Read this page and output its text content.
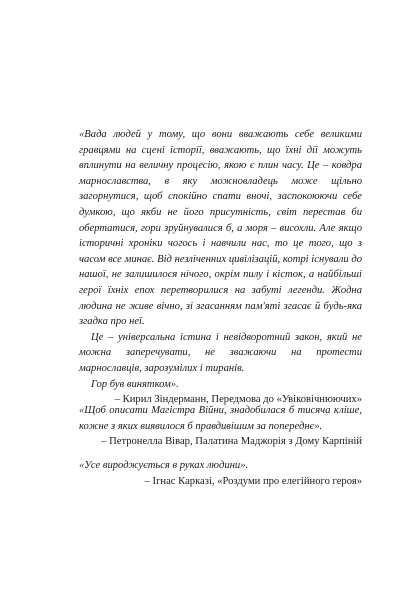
«Вада людей у тому, що вони вважають себе великими гравцями на сцені історії, вважають, що їхні дії можуть вплинути на величну процесію, якою є плин часу. Це – ковдра марнославства, в яку можновладець може щільно загорнутися, щоб спокійно спати вночі, заспокоюючи себе думкою, що якби не його присутність, світ перестав би обертатися, гори зруйнувалися б, а моря – висохли. Але якщо історичні хроніки чогось і навчили нас, то це того, що з часом все минає. Від незліченних цивілізацій, котрі існували до нашої, не залишилося нічого, окрім пилу і кісток, а найбільші герої їхніх епох перетворилися на забуті легенди. Жодна людина не живе вічно, зі згасанням пам'яті згасає й будь-яка згадка про неї.

Це – універсальна істина і невідворотний закон, який не можна заперечувати, не зважаючи на протести марнославців, зарозумілих і тиранів.

Гор був винятком».

– Кирил Зіндерманн, Передмова до «Увіковічнюючих»

«Щоб описати Магістра Війни, знадобилася б тисяча кліше, кожне з яких виявилося б правдивішим за попереднє».

– Петронелла Вівар, Палатина Маджорія з Дому Карпіній

«Усе вироджується в руках людини».

– Ігнас Карказі, «Роздуми про елегійного героя»
